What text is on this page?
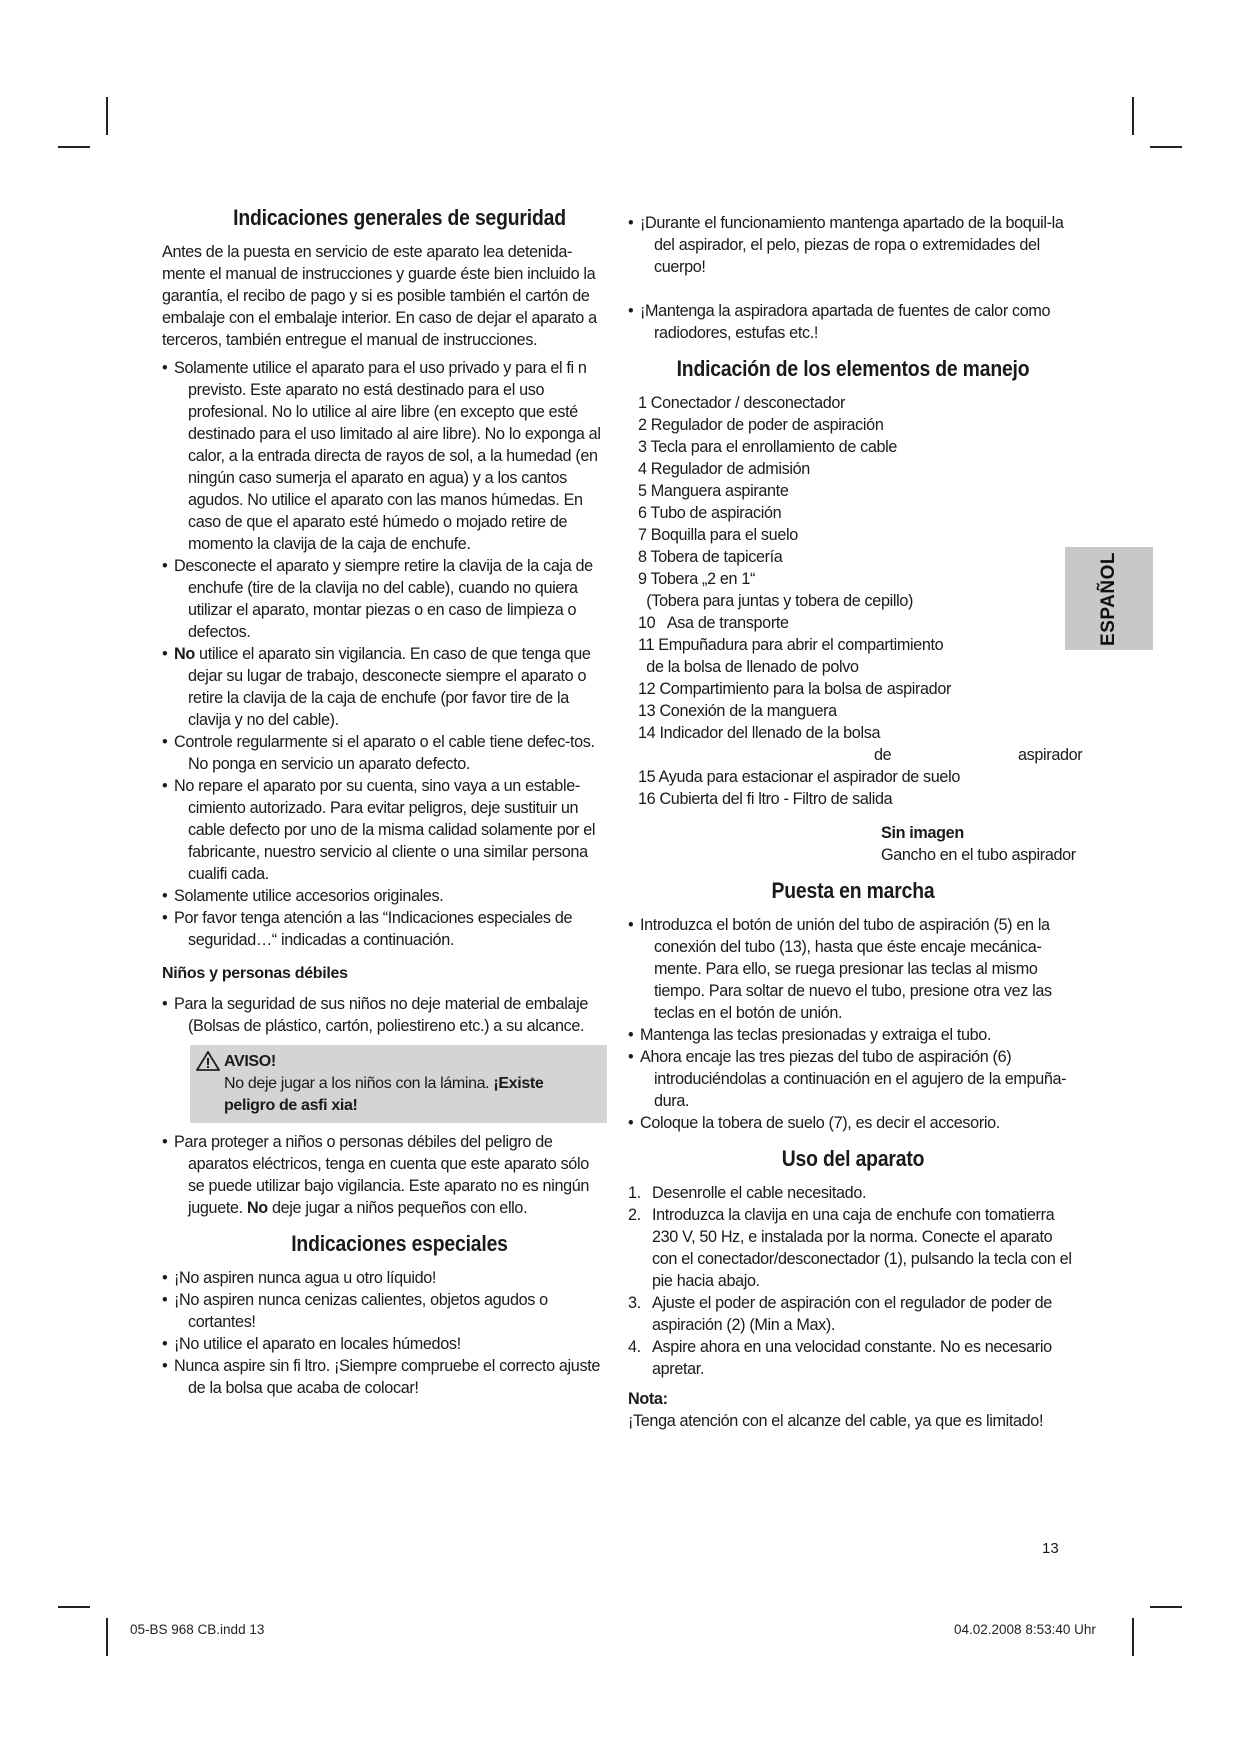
Indicaciones generales de seguridad

Antes de la puesta en servicio de este aparato lea detenida-mente el manual de instrucciones y guarde éste bien incluido la garantía, el recibo de pago y si es posible también el cartón de embalaje con el embalaje interior. En caso de dejar el aparato a terceros, también entregue el manual de instrucciones.

• Solamente utilice el aparato para el uso privado y para el fi n previsto. Este aparato no está destinado para el uso profesional. No lo utilice al aire libre (en excepto que esté destinado para el uso limitado al aire libre). No lo exponga al calor, a la entrada directa de rayos de sol, a la humedad (en ningún caso sumerja el aparato en agua) y a los cantos agudos. No utilice el aparato con las manos húmedas. En caso de que el aparato esté húmedo o mojado retire de momento la clavija de la caja de enchufe.
• Desconecte el aparato y siempre retire la clavija de la caja de enchufe (tire de la clavija no del cable), cuando no quiera utilizar el aparato, montar piezas o en caso de limpieza o defectos.
• No utilice el aparato sin vigilancia. En caso de que tenga que dejar su lugar de trabajo, desconecte siempre el aparato o retire la clavija de la caja de enchufe (por favor tire de la clavija y no del cable).
• Controle regularmente si el aparato o el cable tiene defec-tos. No ponga en servicio un aparato defecto.
• No repare el aparato por su cuenta, sino vaya a un estable-cimiento autorizado. Para evitar peligros, deje sustituir un cable defecto por uno de la misma calidad solamente por el fabricante, nuestro servicio al cliente o una similar persona cualifi cada.
• Solamente utilice accesorios originales.
• Por favor tenga atención a las “Indicaciones especiales de seguridad…“ indicadas a continuación.
Niños y personas débiles
• Para la seguridad de sus niños no deje material de embalaje (Bolsas de plástico, cartón, poliestireno etc.) a su alcance.
AVISO!
No deje jugar a los niños con la lámina. ¡Existe peligro de asfi xia!
• Para proteger a niños o personas débiles del peligro de aparatos eléctricos, tenga en cuenta que este aparato sólo se puede utilizar bajo vigilancia. Este aparato no es ningún juguete. No deje jugar a niños pequeños con ello.
Indicaciones especiales
• ¡No aspiren nunca agua u otro líquido!
• ¡No aspiren nunca cenizas calientes, objetos agudos o cortantes!
• ¡No utilice el aparato en locales húmedos!
• Nunca aspire sin fi ltro. ¡Siempre compruebe el correcto ajuste de la bolsa que acaba de colocar!
• ¡Durante el funcionamiento mantenga apartado de la boquil-la del aspirador, el pelo, piezas de ropa o extremidades del cuerpo!
• ¡Mantenga la aspiradora apartada de fuentes de calor como radiodores, estufas etc.!
Indicación de los elementos de manejo
1 Conectador / desconectador
2 Regulador de poder de aspiración
3 Tecla para el enrollamiento de cable
4 Regulador de admisión
5 Manguera aspirante
6 Tubo de aspiración
7 Boquilla para el suelo
8 Tobera de tapicería
9 Tobera „2 en 1“
(Tobera para juntas y tobera de cepillo)
10   Asa de transporte
11 Empuñadura para abrir el compartimiento
de la bolsa de llenado de polvo
12 Compartimiento para la bolsa de aspirador
13 Conexión de la manguera
14 Indicador del llenado de la bolsa
de	aspirador
15 Ayuda para estacionar el aspirador de suelo
16 Cubierta del fi ltro - Filtro de salida
Sin imagen
Gancho en el tubo aspirador
Puesta en marcha
• Introduzca el botón de unión del tubo de aspiración (5) en la conexión del tubo (13), hasta que éste encaje mecánica-mente. Para ello, se ruega presionar las teclas al mismo tiempo. Para soltar de nuevo el tubo, presione otra vez las teclas en el botón de unión.
• Mantenga las teclas presionadas y extraiga el tubo.
• Ahora encaje las tres piezas del tubo de aspiración (6) introduciéndolas a continuación en el agujero de la empuña-dura.
• Coloque la tobera de suelo (7), es decir el accesorio.
Uso del aparato
1. Desenrolle el cable necesitado.
2. Introduzca la clavija en una caja de enchufe con tomatierra 230 V, 50 Hz, e instalada por la norma. Conecte el aparato con el conectador/desconectador (1), pulsando la tecla con el pie hacia abajo.
3. Ajuste el poder de aspiración con el regulador de poder de aspiración (2) (Min a Max).
4. Aspire ahora en una velocidad constante. No es necesario apretar.
Nota:
¡Tenga atención con el alcanze del cable, ya que es limitado!
ESPAÑOL
13
05-BS 968 CB.indd 13	04.02.2008 8:53:40 Uhr
